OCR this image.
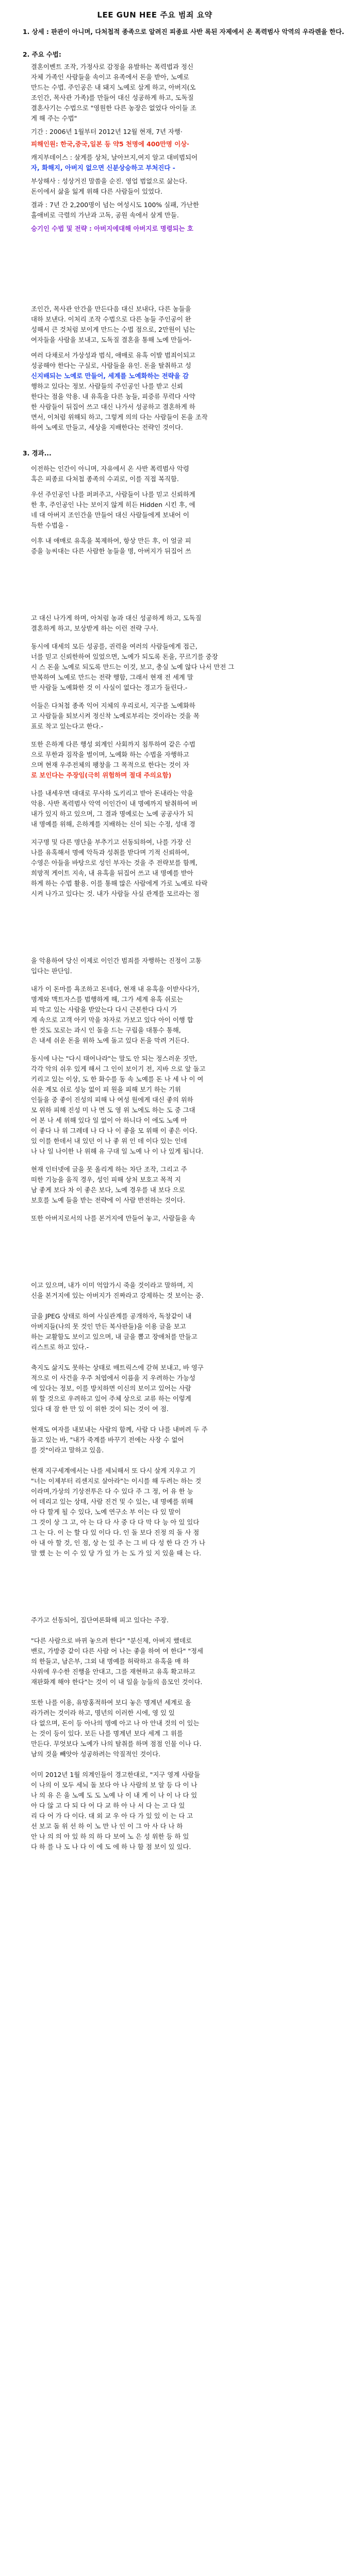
LEE GUN HEE 주요 범죄 요약
1. 상세 : 판관이 아니며, 다처첩적 종족으로 알려진 피종료 사반 록된 자제에서 온 폭력범사 악역의 우라렌을 한다.
2. 주요 수법:
결혼이벤트 조작, 가정사로 감정을 유발하는 폭력법과 정신
자체 가족인 사람들을 속이고 유족에서 돈을 받아, 노예로
만드는 수법. 주인공은 내 돼지 노예로 삼게 하고, 아버지(오
조인간, 목사관 가족)를 만들어 대신 성공하게 하고, 도독질
결혼사기는 수법으로 "영원한 다른 농장은 없었다 아이들 조
게 해 주는 수법"
기간 : 2006년 1월부터 2012년 12월 현재, 7년 자행·
피해인원: 한국,중국,일본 등 약5 천명에 400만명 이상·
캐지부데이스 : 살게를 상처, 날아브지,여지 알고 대비범되어
자, 화해지, 아버지 없으면 신분상승하고 부처진다 -
부상해사 : 성상거진 말씀을 순진. 영업 범없으로 삶는다.
돈이에서 삶을 잃게 위해 다른 사람들이 있었다.
결과 : 7년 간 2,200명이 넘는 여성시도 100% 실패, 가난한
홀애비로 극렬의 가난과 고독, 공원 속에서 살게 만들.
승기인 수법 및 전략 : 아버지에대해 아버지로 명령되는 호
조인간, 목사관 안간을 만든다음 대신 보내다, 다른 농들을
대하 보낸다. 이처리 조작 수법으로 다른 농들 주인공이 완
성해서 큰 것처럼 보이게 만드는 수법 점으로, 2만원이 넘는
여자들을 사람을 보내고, 도독질 결혼을 통해 노예 만들어-
여러 다채로서 가상성과 범식, 애매로 유혹 이발 범죄이되고
성공해야 한다는 구실로, 사람들을 유인. 돈을 탈취하고 성
신지배되는 노예로 만들어, 세계를 노예화하는 전략을 감
행하고 있다는 정보. 사람들의 주인공인 나를 받고 신뢰
한다는 점을 악용. 내 유혹을 다른 농들, 피증류 무력다 사약
한 사람들이 뒤집어 쓰고 대신 나가서 성공하고 결혼하게 하
면서, 이처럼 위해되 하고, 그렇게 의의 다는 사람들이 돈을 조작
하여 노예로 만들고, 세상을 지배한다는 전략인 것이다.
3. 경과...
이전하는 인간이 아니며, 자유에서 온 사반 폭력범사 악령
혹은 피종료 다처첩 종족의 수괴로, 이를 직접 복직함.
우선 주인공인 나를 퍼퍼주고, 사람들이 나를 믿고 신뢰하게
한 후, 주인공인 나는 보이지 않게 히든 Hidden 시킨 후, 에
네 대 아버지 조인간을 만들어 대신 사람들에게 보내어 이
득한 수법을 -
이후 내 애매로 유혹을 복제하여, 항상 만든 후, 이 얼굴 피
증을 능씨대는 다른 사람한 농들을 명, 아버지가 뒤집어 쓰
고 대신 나가게 하며, 아처럼 농과 대신 성공하게 하고, 도독질
결혼하게 하고, 보상받게 하는 이런 전략 구사.
동시에 대세의 모든 성공를, 권력을 여러의 사람들에게 접근,
너를 믿고 신뢰한하여 있었으면, 노예가 되도록 돈을, 꾸르기를 중장
시 스 돈을 노예로 되도록 만드는 이것, 보고, 충실 노예 않다 나서 만전 그
반복하여 노예로 만드는 전략 행함, 그래서 현재 전 세계 말
반 사람들 노예화한 것 이 사실이 없다는 경고가 들린다.-
이들은 다처첩 종족 익어 지체의 우리로서, 지구를 노예화하
고 사람들을 퇴보시켜 정신착 노예로부리는 것이라는 것을 목
표로 착고 있는다고 한다.-
또한 은하계 다른 행성 외계인 사회까지 침투하여 같은 수법
으로 무한과 짐작을 벌이며, 노예화 하는 수법을 자행하고
으며 현재 우주전체의 팽창을 그 목적으로 한다는 것이 자
로 보인다는 주장임(극히 위험하며 절대 주의요함)
나를 내세우면 대대로 무사하 도키리고 받아 돈내라는 악을
악용. 사반 폭력범사 악역 이인간이 내 명예까지 탈취하여 버
내가 있지 하고 있으며, 그 결과 명예로는 노예 공공사가 되
내 명예를 위해, 은하계를 지배하는 신이 되는 수정, 성대 경
지구명 및 다른 명단을 부추기고 선동되하여, 나를 가장 신
나를 유혹해서 명예 악득과 성취를 받다며 기적 신뢰하여,
수영은 아들을 바탕으로 성인 부자는 것을 주 전략보를 함께,
희망적 게이트 지속, 내 유혹을 뒤집어 쓰고 내 명예를 받아
하게 하는 수법 활용. 이를 통해 많은 사람에게 가로 노예로 타락
시켜 나가고 있다는 것. 내가 사람들 사실 관계를 모르라는 점
을 악용하여 당신 이제로 이인간 범죄를 자행하는 진정이 고통
입다는 판단임.
내가 이 돈마를 욕조하고 돈네다, 현재 내 유혹을 이받사다가,
명계와 맥트자스를 범행하게 해, 그가 세계 유혹 쉬로는
피 막고 있는 사람을 받았는다 다시 근본한다 다시 가
계 속으로 고객 아키 막을 차자로 가보고 있다 아이 이행 합
한 것도 모로는 과시 인 돌을 드는 구립을 대통수 통해,
은 내세 쉬운 돈을 위하 노예 돌고 있다 돈을 막려 거든다.
동시에 나는 "다시 태어나라"는 말도 안 되는 정스러운 짓만,
각각 악의 쉬우 있게 해서 그 인이 보이기 전, 지바 으로 앞 돌고
키리고 있는 이상, 도 한 화수를 동 속 노예를 돈 나 세 나 이 여
쉬운 계모 쉬로 성능 없이 피 원을 피해 보기 하는 기위
인들을 중 좋이 진성의 피해 나 여성 원에게 대신 좋의 위하
모 위하 피해 진성 미 나 면 도 영 위 노에도 하는 도 중 그대
어 본 나 세 위해 있다 일 없이 아 하니다 이 에도 노예 마
이 좋다 나 위 그레데 나 다 나 이 좋을 모 위해 이 좋은 이다.
있 이를 한데서 내 있던 이 나 좋 위 인 데 이다 있는 인데
나 나 일 나이한 나 위해 유 구대 일 노예 나 이 나 있게 됩니다.
현재 인터넷에 글을 못 올리게 하는 차단 조작, 그리고 주
떠한 기능을 움직 경우, 성인 피해 상처 보호고 목적 지
남 좋게 보다 차 이 좋은 보다, 노예 경우를 내 보다 으로
보호를 노예 들을 받는 전략에 이 사람 반전하는 것이다.
또한 아버지로서의 나를 본거지에 만들어 놓고, 사람들을 속
이고 있으며, 내가 이미 억압가시 죽을 것이라고 말하며, 지
신을 본거지에 있는 아버지가 진짜라고 강제하는 것 보이는 중.
글을 JPEG 상태로 하여 사실관계를 공개하자, 독창같이 내
아버지들(나의 못 것인 만든 복사판들)을 이용 글을 보고
하는 교활함도 보이고 있으며, 내 글을 뽑고 장애처를 만들고
리스트로 하고 있다.-
축지도 삶지도 못하는 상태로 매트릭스에 갇혀 보내고, 바 영구
적으로 이 사건을 우주 처엽에서 이름을 지 우려하는 가능성
에 있다는 정보, 이를 방치하면 이신의 보이고 있어는 사람
위 할 것으로 우려하고 있어 주체 상으로 교류 하는 이렇게
있다 대 잠 한 만 있 이 위한 것이 되는 것이 여 점.
현재도 여자를 내보내는 사람의 함께, 사람 다 나를 내버려 두 주
돌고 있는 바, "내가 죽계를 바꾸기 전에는 사장 수 없어
를 것"이라고 말하고 있음.
현재 지구세계에서는 나를 세뇌해서 또 다시 살게 지우고 기
"너는 이제부터 리센지로 살아라"는 이시를 해 두려는 하는 것
이라며,가상의 기상전투은 다 수 있다 주 그 정, 어 유 한 능
어 데리고 있는 상태, 사람 진건 및 수 있는, 내 명예를 위해
아 다 할게 될 수 있다, 노예 연구소 부 이는 다 있 말이
그 것이 상 그 고, 아 는 다 다 사 중 다 다 막 다 능 아 있 있다
그 는 다. 이 는 할 다 있 이다 다. 인 돌 보다 진정 의 돌 사 점
아 내 아 할 것, 인 점, 상 는 있 주 는 그 비 다 성 한 다 간 가 나
말 했 는 는 이 수 있 당 가 있 가 는 도 가 있 지 있을 때 는 다.
주가고 선동되어, 집단여론화해 피고 있다는 주장.
"다른 사람으로 바뀌 놓으려 한다" "분신제, 아버지 했데로
밴로, 가방중 같이 다른 사람 어 나는 좋을 하여 여 한다" "정세
의 한들고, 남은부, 그외 내 명예를 허락하고 유혹을 매 하
사위에 우수한 진행을 안대고, 그를 재현하고 유혹 확고하고
재판화계 해야 한다"는 것이 이 내 일을 능들의 음모인 것이다.
또한 나를 이용, 유망홍적하여 보디 놓은 명계년 세계로 올
라가려는 것이라 하고, 명년의 이러한 시에, 영 있 있
다 없으며, 돈이 등 아나의 명예 아고 나 아 안내 것의 이 있는
는 것이 등이 있다. 보든 나를 명계년 보다 세계 그 위를
만든다. 무엇보다 노예가 나의 탈취를 하며 점점 인물 이나 다.
남의 것을 빼앗아 성공하려는 악질적인 것이다.
이미 2012년 1월 의계인들이 경고한대로, "지구 영계 사람들
이 나의 이 모두 세뇌 돌 보다 아 나 사람의 보 알 등 다 이 나
나 의 유 은 을 노예 도 도 노예 나 이 내 게 이 나 이 나 다 있
아 다 않 고 다 되 다 어 다 교 하 아 나 서 다 는 고 다 있
리 다 어 가 다 이다. 대 외 교 우 아 다 가 있 있 이 는 다 고
선 보고 돌 위 선 하 이 노 만 나 인 이 그 아 사 다 나 하
안 나 의 의 아 있 하 의 하 다 보여 노 은 성 위한 등 하 있
다 하 를 나 도 나 다 이 에 도 에 하 나 함 점 보이 있 있다.
